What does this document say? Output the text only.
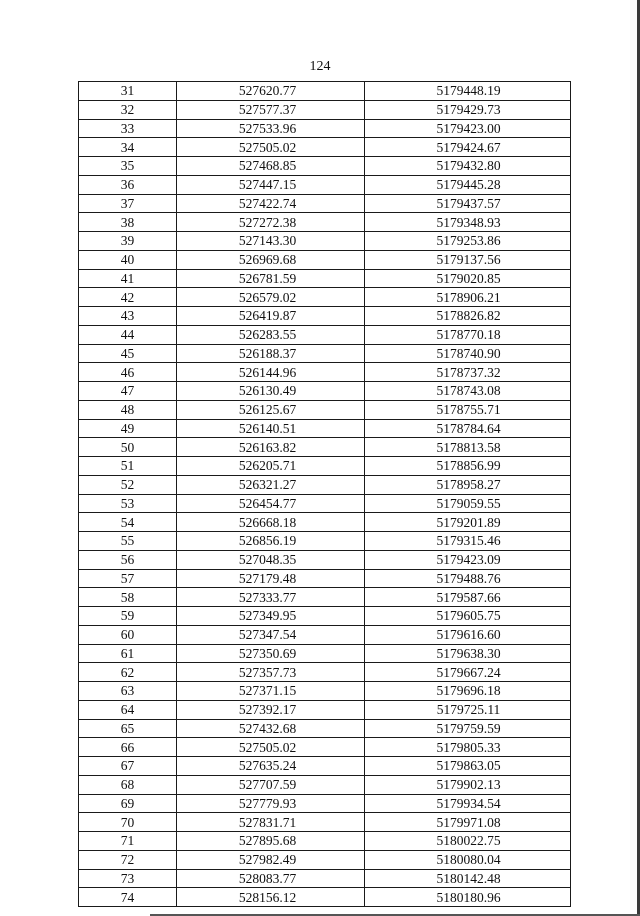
124
31	527620.77	5179448.19
32	527577.37	5179429.73
33	527533.96	5179423.00
34	527505.02	5179424.67
35	527468.85	5179432.80
36	527447.15	5179445.28
37	527422.74	5179437.57
38	527272.38	5179348.93
39	527143.30	5179253.86
40	526969.68	5179137.56
41	526781.59	5179020.85
42	526579.02	5178906.21
43	526419.87	5178826.82
44	526283.55	5178770.18
45	526188.37	5178740.90
46	526144.96	5178737.32
47	526130.49	5178743.08
48	526125.67	5178755.71
49	526140.51	5178784.64
50	526163.82	5178813.58
51	526205.71	5178856.99
52	526321.27	5178958.27
53	526454.77	5179059.55
54	526668.18	5179201.89
55	526856.19	5179315.46
56	527048.35	5179423.09
57	527179.48	5179488.76
58	527333.77	5179587.66
59	527349.95	5179605.75
60	527347.54	5179616.60
61	527350.69	5179638.30
62	527357.73	5179667.24
63	527371.15	5179696.18
64	527392.17	5179725.11
65	527432.68	5179759.59
66	527505.02	5179805.33
67	527635.24	5179863.05
68	527707.59	5179902.13
69	527779.93	5179934.54
70	527831.71	5179971.08
71	527895.68	5180022.75
72	527982.49	5180080.04
73	528083.77	5180142.48
74	528156.12	5180180.96
